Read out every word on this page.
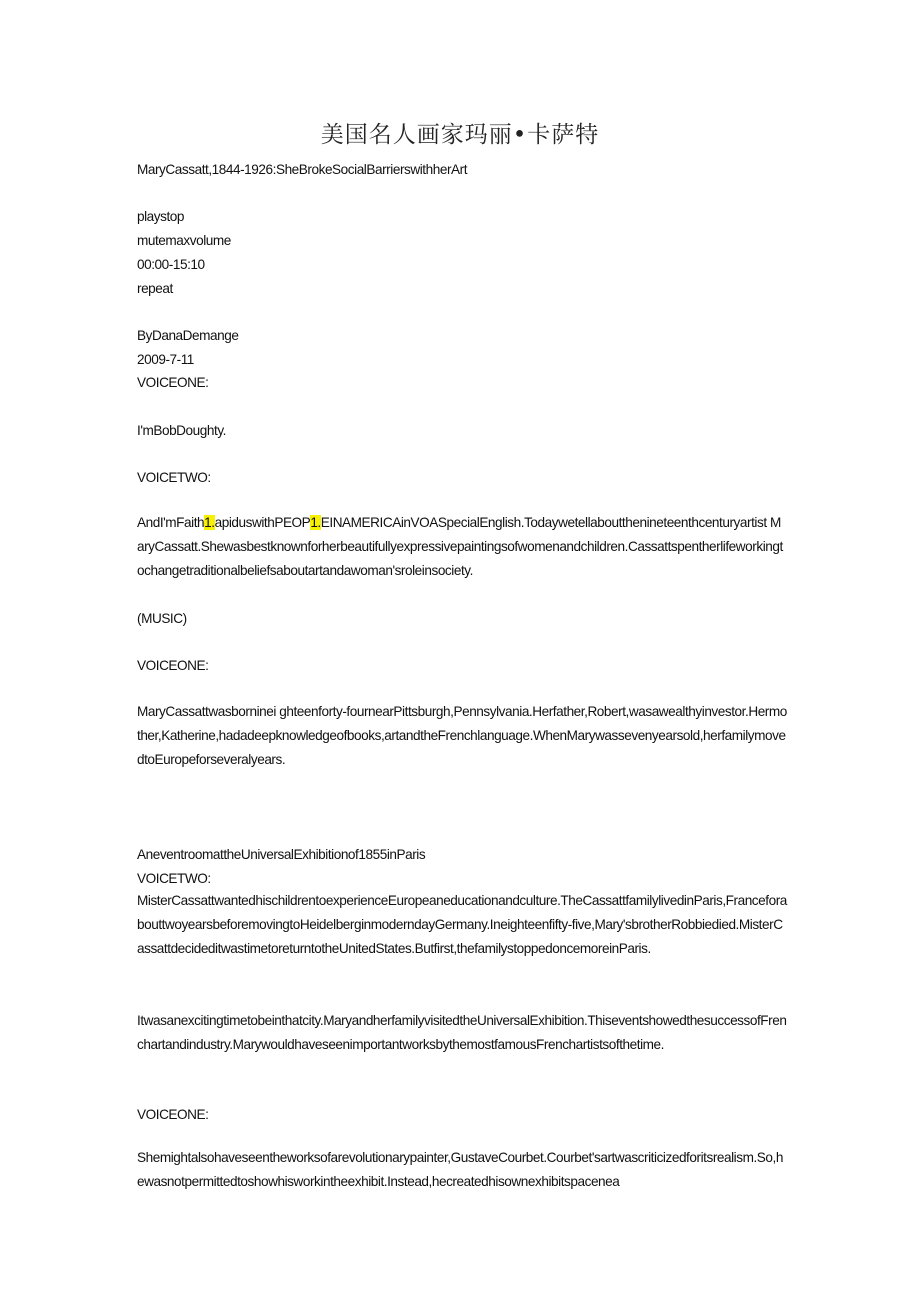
美国名人画家玛丽•卡萨特
MaryCassatt,1844-1926:SheBrokeSocialBarrierswithherArt
playstop
mutemaxvolume
00:00-15:10
repeat
ByDanaDemange
2009-7-11
VOICEONE:
I'mBobDoughty.
VOICETWO:
AndI'mFaith1.apiduswithPEOP1.EINAMERICAinVOASpecialEnglish.Todaywetellaboutthenineteenthcenturyartist MaryCassatt.Shewasbestknownforherbeautifullyexpressivepaintingsofwomenandchildren.Cassattspentherlifeworkingtochangetraditionalbeliefsaboutartandawoman'sroleinsociety.
(MUSIC)
VOICEONE:
MaryCassattwasborninei ghteenforty-fournearPittsburgh,Pennsylvania.Herfather,Robert,wasawealthyinvestor.Hermother,Katherine,hadadeepknowledgeofbooks,artandtheFrenchlanguage.WhenMarywassevenyearsold,herfamilymovedtoEuropeforseveralyears.
AneventroomattheUniversalExhibitionof1855inParis
VOICETWO:
MisterCassattwantedhischildrentoexperienceEuropeaneducationandculture.TheCassattfamilylivedinParis,FranceforabouttwoyearsbeforemovingtoHeidelberginmoderndayGermany.Ineighteenfifty-five,Mary'sbrotherRobbiedied.MisterCassattdecideditwastimetoreturntotheUnitedStates.Butfirst,thefamilystoppedoncemoreinParis.
Itwasanexcitingtimetobeinthatcity.MaryandherfamilyvisitedtheUniversalExhibition.ThiseventshowedthesuccessofFrenchartandindustry.MarywouldhaveseenimportantworksbythemostfamousFrenchartistsofthetime.
VOICEONE:
Shemightalsohaveseentheworksofarevolutionarypainter,GustaveCourbet.Courbet'sartwascriticizedforitsrealism.So,hewasnotpermittedtoshowhisworkintheexhibit.Instead,hecreatedhisownexhibitspacenea
